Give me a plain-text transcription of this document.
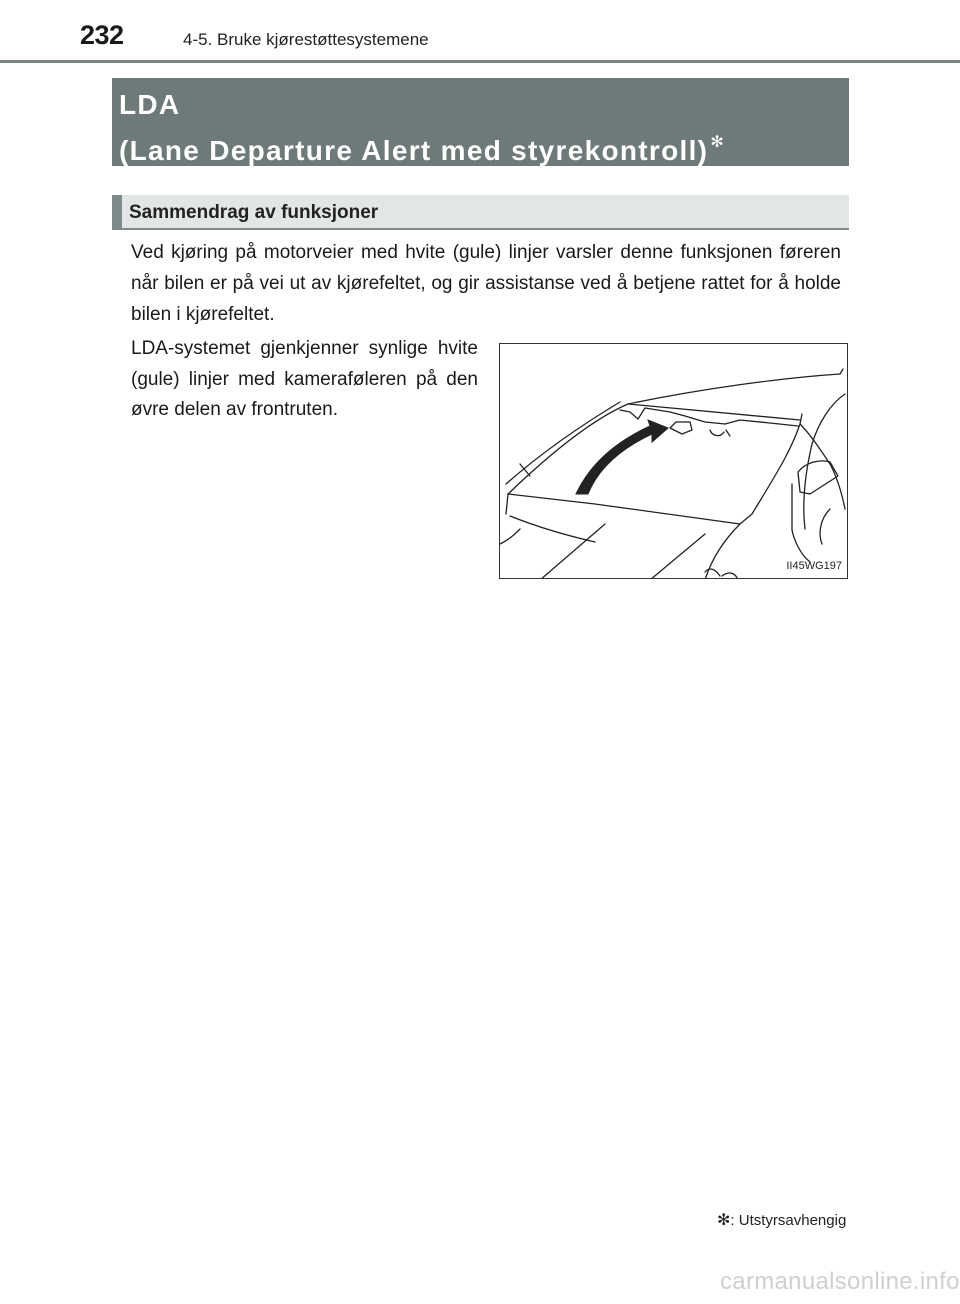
232	4-5. Bruke kjørestøttesystemene
LDA
(Lane Departure Alert med styrekontroll) ✻
Sammendrag av funksjoner

Ved kjøring på motorveier med hvite (gule) linjer varsler denne funksjonen føreren når bilen er på vei ut av kjørefeltet, og gir assistanse ved å betjene rattet for å holde bilen i kjørefeltet.

LDA-systemet gjenkjenner synlige hvite (gule) linjer med kameraføleren på den øvre delen av frontruten.

II45WG197
✻: Utstyrsavhengig
carmanualsonline.info
